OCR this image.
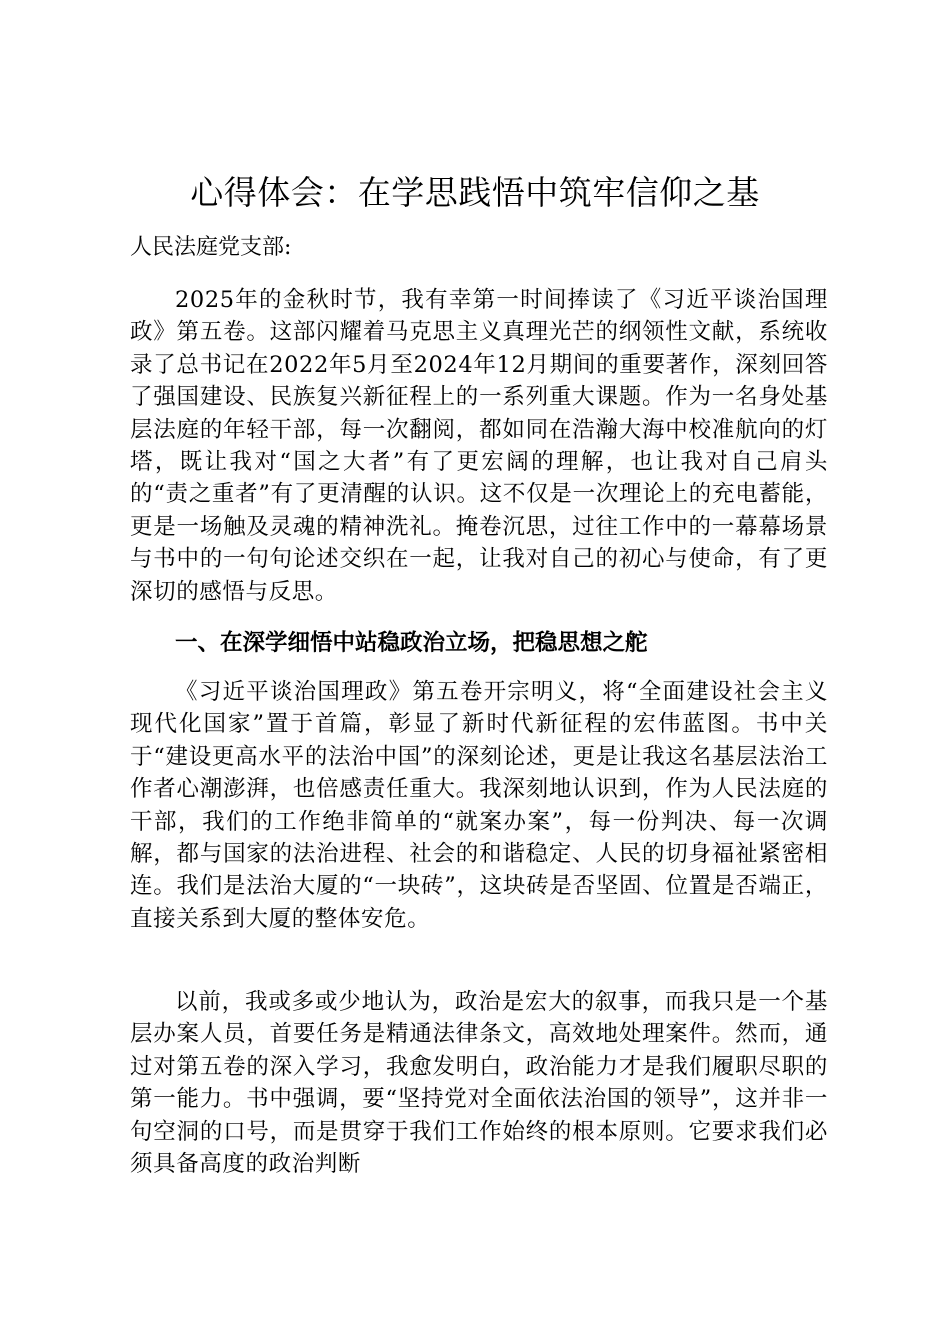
心得体会：在学思践悟中筑牢信仰之基

人民法庭党支部:

2025年的金秋时节，我有幸第一时间捧读了《习近平谈治国理政》第五卷。这部闪耀着马克思主义真理光芒的纲领性文献，系统收录了总书记在2022年5月至2024年12月期间的重要著作，深刻回答了强国建设、民族复兴新征程上的一系列重大课题。作为一名身处基层法庭的年轻干部，每一次翻阅，都如同在浩瀚大海中校准航向的灯塔，既让我对“国之大者”有了更宏阔的理解，也让我对自己肩头的“责之重者”有了更清醒的认识。这不仅是一次理论上的充电蓄能，更是一场触及灵魂的精神洗礼。掩卷沉思，过往工作中的一幕幕场景与书中的一句句论述交织在一起，让我对自己的初心与使命，有了更深切的感悟与反思。

一、在深学细悟中站稳政治立场，把稳思想之舵

《习近平谈治国理政》第五卷开宗明义，将“全面建设社会主义现代化国家”置于首篇，彰显了新时代新征程的宏伟蓝图。书中关于“建设更高水平的法治中国”的深刻论述，更是让我这名基层法治工作者心潮澎湃，也倍感责任重大。我深刻地认识到，作为人民法庭的干部，我们的工作绝非简单的“就案办案”，每一份判决、每一次调解，都与国家的法治进程、社会的和谐稳定、人民的切身福祉紧密相连。我们是法治大厦的“一块砖”，这块砖是否坚固、位置是否端正，直接关系到大厦的整体安危。

以前，我或多或少地认为，政治是宏大的叙事，而我只是一个基层办案人员，首要任务是精通法律条文，高效地处理案件。然而，通过对第五卷的深入学习，我愈发明白，政治能力才是我们履职尽职的第一能力。书中强调，要“坚持党对全面依法治国的领导”，这并非一句空洞的口号，而是贯穿于我们工作始终的根本原则。它要求我们必须具备高度的政治判断
